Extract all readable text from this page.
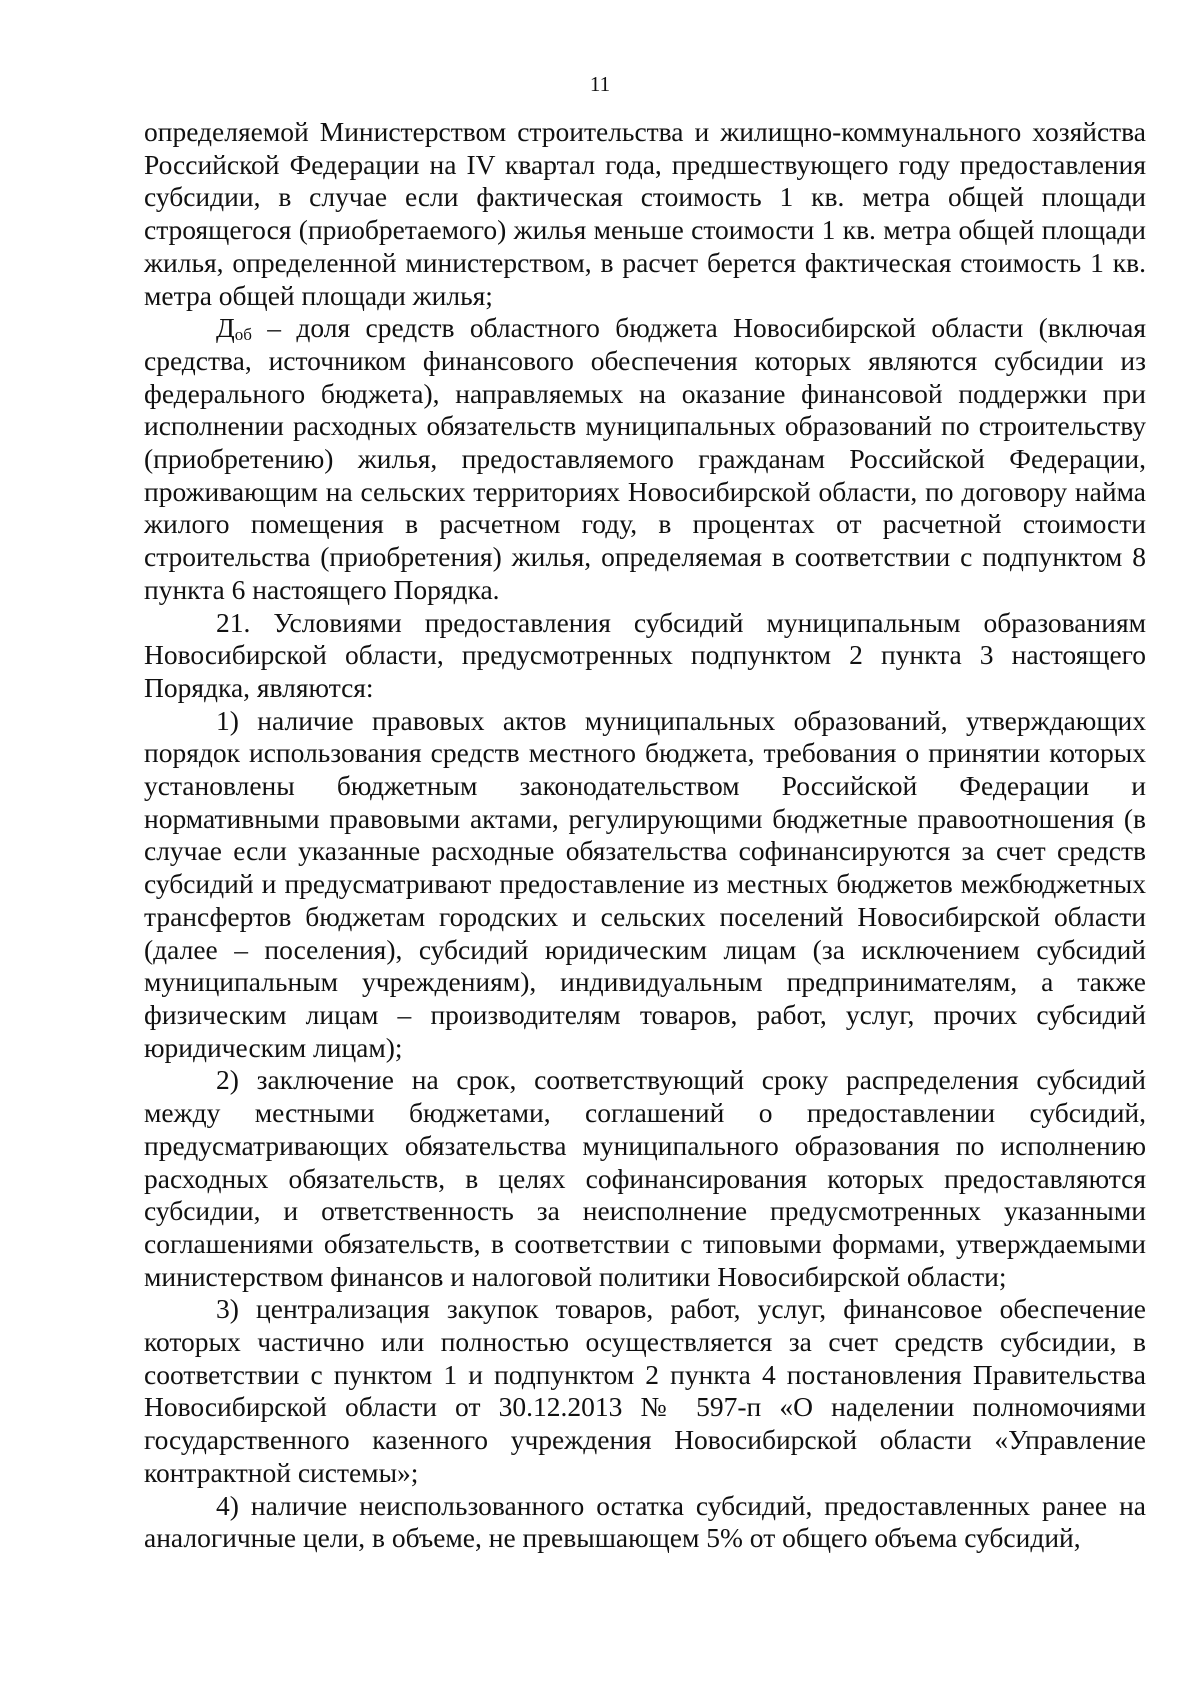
11

определяемой Министерством строительства и жилищно-коммунального хозяйства Российской Федерации на IV квартал года, предшествующего году предоставления субсидии, в случае если фактическая стоимость 1 кв. метра общей площади строящегося (приобретаемого) жилья меньше стоимости 1 кв. метра общей площади жилья, определенной министерством, в расчет берется фактическая стоимость 1 кв. метра общей площади жилья;

Доб – доля средств областного бюджета Новосибирской области (включая средства, источником финансового обеспечения которых являются субсидии из федерального бюджета), направляемых на оказание финансовой поддержки при исполнении расходных обязательств муниципальных образований по строительству (приобретению) жилья, предоставляемого гражданам Российской Федерации, проживающим на сельских территориях Новосибирской области, по договору найма жилого помещения в расчетном году, в процентах от расчетной стоимости строительства (приобретения) жилья, определяемая в соответствии с подпунктом 8 пункта 6 настоящего Порядка.

21. Условиями предоставления субсидий муниципальным образованиям Новосибирской области, предусмотренных подпунктом 2 пункта 3 настоящего Порядка, являются:

1) наличие правовых актов муниципальных образований, утверждающих порядок использования средств местного бюджета, требования о принятии которых установлены бюджетным законодательством Российской Федерации и нормативными правовыми актами, регулирующими бюджетные правоотношения (в случае если указанные расходные обязательства софинансируются за счет средств субсидий и предусматривают предоставление из местных бюджетов межбюджетных трансфертов бюджетам городских и сельских поселений Новосибирской области (далее – поселения), субсидий юридическим лицам (за исключением субсидий муниципальным учреждениям), индивидуальным предпринимателям, а также физическим лицам – производителям товаров, работ, услуг, прочих субсидий юридическим лицам);

2) заключение на срок, соответствующий сроку распределения субсидий между местными бюджетами, соглашений о предоставлении субсидий, предусматривающих обязательства муниципального образования по исполнению расходных обязательств, в целях софинансирования которых предоставляются субсидии, и ответственность за неисполнение предусмотренных указанными соглашениями обязательств, в соответствии с типовыми формами, утверждаемыми министерством финансов и налоговой политики Новосибирской области;

3) централизация закупок товаров, работ, услуг, финансовое обеспечение которых частично или полностью осуществляется за счет средств субсидии, в соответствии с пунктом 1 и подпунктом 2 пункта 4 постановления Правительства Новосибирской области от 30.12.2013 № 597-п «О наделении полномочиями государственного казенного учреждения Новосибирской области «Управление контрактной системы»;

4) наличие неиспользованного остатка субсидий, предоставленных ранее на аналогичные цели, в объеме, не превышающем 5% от общего объема субсидий,
